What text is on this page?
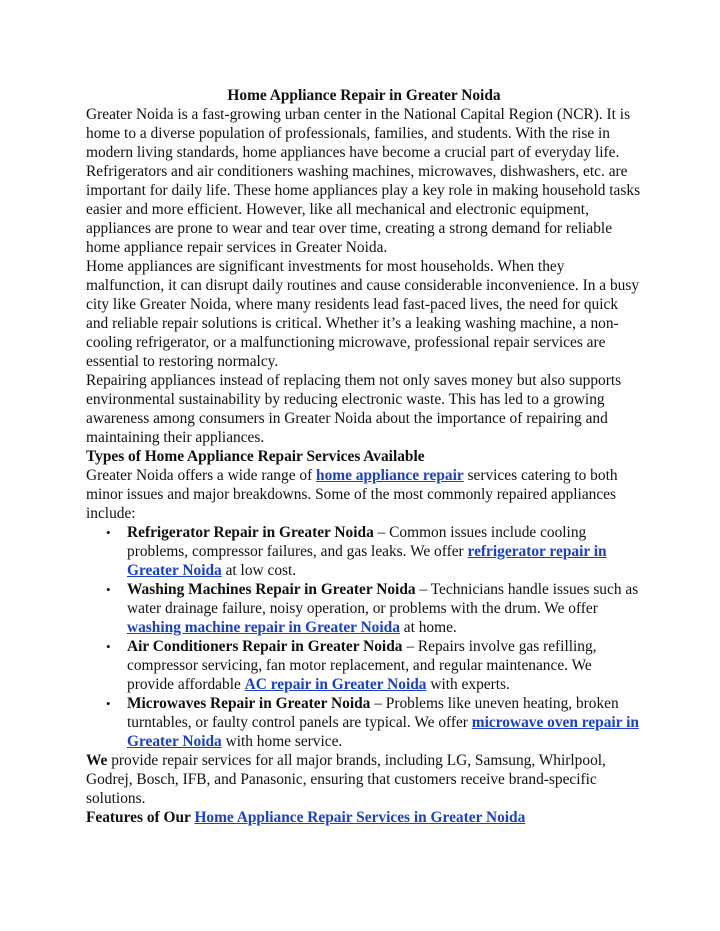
Home Appliance Repair in Greater Noida

Greater Noida is a fast-growing urban center in the National Capital Region (NCR). It is home to a diverse population of professionals, families, and students. With the rise in modern living standards, home appliances have become a crucial part of everyday life. Refrigerators and air conditioners washing machines, microwaves, dishwashers, etc. are important for daily life. These home appliances play a key role in making household tasks easier and more efficient. However, like all mechanical and electronic equipment, appliances are prone to wear and tear over time, creating a strong demand for reliable home appliance repair services in Greater Noida.

Home appliances are significant investments for most households. When they malfunction, it can disrupt daily routines and cause considerable inconvenience. In a busy city like Greater Noida, where many residents lead fast-paced lives, the need for quick and reliable repair solutions is critical. Whether it’s a leaking washing machine, a non-cooling refrigerator, or a malfunctioning microwave, professional repair services are essential to restoring normalcy.

Repairing appliances instead of replacing them not only saves money but also supports environmental sustainability by reducing electronic waste. This has led to a growing awareness among consumers in Greater Noida about the importance of repairing and maintaining their appliances.

Types of Home Appliance Repair Services Available

Greater Noida offers a wide range of home appliance repair services catering to both minor issues and major breakdowns. Some of the most commonly repaired appliances include:

• Refrigerator Repair in Greater Noida – Common issues include cooling problems, compressor failures, and gas leaks. We offer refrigerator repair in Greater Noida at low cost.
• Washing Machines Repair in Greater Noida – Technicians handle issues such as water drainage failure, noisy operation, or problems with the drum. We offer washing machine repair in Greater Noida at home.
• Air Conditioners Repair in Greater Noida – Repairs involve gas refilling, compressor servicing, fan motor replacement, and regular maintenance. We provide affordable AC repair in Greater Noida with experts.
• Microwaves Repair in Greater Noida – Problems like uneven heating, broken turntables, or faulty control panels are typical. We offer microwave oven repair in Greater Noida with home service.

We provide repair services for all major brands, including LG, Samsung, Whirlpool, Godrej, Bosch, IFB, and Panasonic, ensuring that customers receive brand-specific solutions.

Features of Our Home Appliance Repair Services in Greater Noida
